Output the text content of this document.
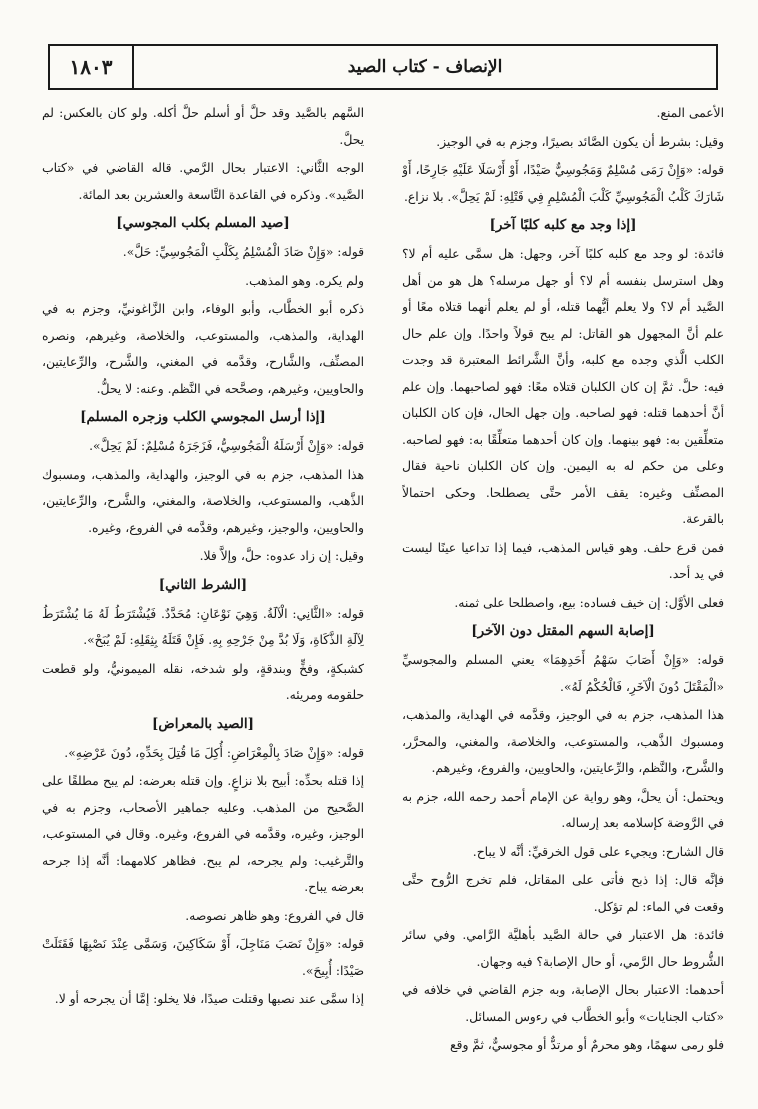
الإنصاف - كتاب الصيد
١٨٠٣
الأعمى المنع.
وقيل: بشرط أن يكون الصَّائد بصيرًا، وجزم به في الوجيز.
قوله: «وَإِنْ رَمَى مُسْلِمٌ وَمَجُوسِيٌّ صَيْدًا، أَوْ أَرْسَلَا عَلَيْهِ جَارِحًا، أَوْ شَارَكَ كَلْبُ الْمَجُوسِيِّ كَلْبَ الْمُسْلِمِ فِي قَتْلِهِ: لَمْ يَحِلَّ». بلا نزاع.
[إذا وجد مع كلبه كلبًا آخر]
فائدة: لو وجد مع كلبه كلبًا آخر، وجهل: هل سمَّى عليه أم لا؟ وهل استرسل بنفسه أم لا؟ أو جهل مرسله؟ هل هو من أهل الصَّيد أم لا؟ ولا يعلم أيُّهما قتله، أو لم يعلم أنهما قتلاه معًا أو علم أنَّ المجهول هو القاتل: لم يبح قولاً واحدًا. وإن علم حال الكلب الَّذي وجده مع كلبه، وأنَّ الشَّرائط المعتبرة قد وجدت فيه: حلَّ. ثمَّ إن كان الكلبان قتلاه معًا: فهو لصاحبهما. وإن علم أنَّ أحدهما قتله: فهو لصاحبه. وإن جهل الحال، فإن كان الكلبان متعلِّقين به: فهو بينهما. وإن كان أحدهما متعلِّقًا به: فهو لصاحبه. وعلى من حكم له به اليمين. وإن كان الكلبان ناحية فقال المصنِّف وغيره: يقف الأمر حتَّى يصطلحا. وحكى احتمالاً بالقرعة.
فمن قرع حلف. وهو قياس المذهب، فيما إذا تداعيا عينًا ليست في يد أحد.
فعلى الأوَّل: إن خيف فساده: بيع، واصطلحا على ثمنه.
[إصابة السهم المقتل دون الآخر]
قوله: «وَإِنْ أَصَابَ سَهْمُ أَحَدِهِمَا» يعني المسلم والمجوسيِّ «الْمَقْتَلَ دُونَ الْآخَرِ، فَالْحُكْمُ لَهُ».
هذا المذهب، جزم به في الوجيز، وقدَّمه في الهداية، والمذهب، ومسبوك الذَّهب، والمستوعب، والخلاصة، والمغني، والمحرَّر، والشَّرح، والنَّظم، والرِّعايتين، والحاويين، والفروع، وغيرهم.
ويحتمل: أن يحلَّ، وهو رواية عن الإمام أحمد رحمه الله، جزم به في الرَّوضة كإسلامه بعد إرساله.
قال الشارح: ويجيء على قول الخرقيِّ: أنَّه لا يباح.
فإنَّه قال: إذا ذبح فأتى على المقاتل، فلم تخرج الرُّوح حتَّى وقعت في الماء: لم تؤكل.
فائدة: هل الاعتبار في حالة الصَّيد بأهليَّة الرَّامي. وفي سائر الشُّروط حال الرَّمي، أو حال الإصابة؟ فيه وجهان.
أحدهما: الاعتبار بحال الإصابة، وبه جزم القاضي في خلافه في «كتاب الجنايات» وأبو الخطَّاب في رءوس المسائل.
فلو رمى سهمًا، وهو محرمٌ أو مرتدٌّ أو مجوسيٌّ، ثمَّ وقع
السَّهم بالصَّيد وقد حلَّ أو أسلم حلَّ أكله. ولو كان بالعكس: لم يحلَّ.
الوجه الثَّاني: الاعتبار بحال الرَّمي. قاله القاضي في «كتاب الصَّيد». وذكره في القاعدة التَّاسعة والعشرين بعد المائة.
[صيد المسلم بكلب المجوسي]
قوله: «وَإِنْ صَادَ الْمُسْلِمُ بِكَلْبِ الْمَجُوسِيِّ: حَلَّ».
ولم يكره. وهو المذهب.
ذكره أبو الخطَّاب، وأبو الوفاء، وابن الزَّاغونيِّ، وجزم به في الهداية، والمذهب، والمستوعب، والخلاصة، وغيرهم، ونصره المصنِّف، والشَّارح، وقدَّمه في المغني، والشَّرح، والرِّعايتين، والحاويين، وغيرهم، وصحَّحه في النَّظم. وعنه: لا يحلُّ.
[إذا أرسل المجوسي الكلب وزجره المسلم]
قوله: «وَإِنْ أَرْسَلَهُ الْمَجُوسِيُّ، فَزَجَرَهُ مُسْلِمٌ: لَمْ يَحِلَّ».
هذا المذهب، جزم به في الوجيز، والهداية، والمذهب، ومسبوك الذَّهب، والمستوعب، والخلاصة، والمغني، والشَّرح، والرِّعايتين، والحاويين، والوجيز، وغيرهم، وقدَّمه في الفروع، وغيره.
وقيل: إن زاد عدوه: حلَّ، وإلاَّ فلا.
[الشرط الثاني]
قوله: «الثَّانِي: الْآلَةُ. وَهِيَ نَوْعَانِ: مُحَدَّدٌ. فَيُشْتَرَطُ لَهُ مَا يُشْتَرَطُ لِآلَةِ الذَّكَاةِ، وَلَا بُدَّ مِنْ جَرْحِهِ بِهِ. فَإِنْ قَتَلَهُ بِثِقَلِهِ: لَمْ يُبَحْ».
كشبكةٍ، وفخٍّ وبندقةٍ، ولو شدخه، نقله الميمونيُّ، ولو قطعت حلقومه ومريئه.
[الصيد بالمعراض]
قوله: «وَإِنْ صَادَ بِالْمِعْرَاضِ: أُكِلَ مَا قُتِلَ بِحَدِّهِ، دُونَ عَرْضِهِ».
إذا قتله بحدِّه: أبيح بلا نزاعٍ. وإن قتله بعرضه: لم يبح مطلقًا على الصَّحيح من المذهب. وعليه جماهير الأصحاب، وجزم به في الوجيز، وغيره، وقدَّمه في الفروع، وغيره. وقال في المستوعب، والتَّرغيب: ولم يجرحه، لم يبح. فظاهر كلامهما: أنَّه إذا جرحه بعرضه يباح.
قال في الفروع: وهو ظاهر نصوصه.
قوله: «وَإِنْ نَصَبَ مَنَاجِلَ، أَوْ سَكَاكِينَ، وَسَمَّى عِنْدَ نَصْبِهَا فَقَتَلَتْ صَيْدًا: أُبِيحَ».
إذا سمَّى عند نصبها وقتلت صيدًا، فلا يخلو: إمَّا أن يجرحه أو لا.
